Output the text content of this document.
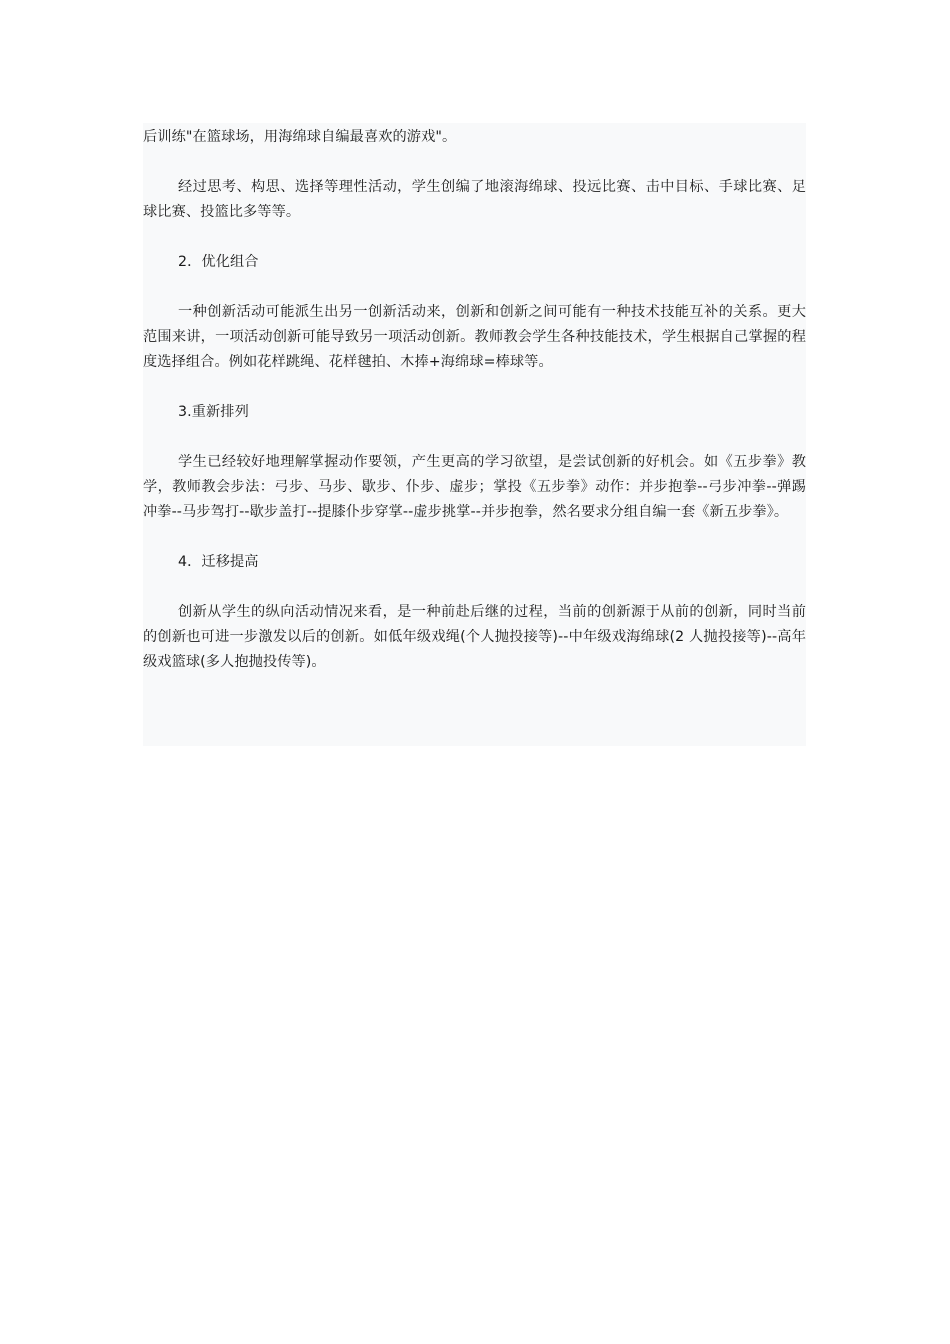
后训练"在篮球场，用海绵球自编最喜欢的游戏"。

经过思考、构思、选择等理性活动，学生创编了地滚海绵球、投远比赛、击中目标、手球比赛、足球比赛、投篮比多等等。

2．优化组合

一种创新活动可能派生出另一创新活动来，创新和创新之间可能有一种技术技能互补的关系。更大范围来讲，一项活动创新可能导致另一项活动创新。教师教会学生各种技能技术，学生根据自己掌握的程度选择组合。例如花样跳绳、花样毽拍、木捧+海绵球=棒球等。

3.重新排列

学生已经较好地理解掌握动作要领，产生更高的学习欲望，是尝试创新的好机会。如《五步拳》教学，教师教会步法：弓步、马步、歇步、仆步、虚步；掌投《五步拳》动作：并步抱拳--弓步冲拳--弹踢冲拳--马步驾打--歇步盖打--提膝仆步穿掌--虚步挑掌--并步抱拳，然名要求分组自编一套《新五步拳》。

4．迁移提高

创新从学生的纵向活动情况来看，是一种前赴后继的过程，当前的创新源于从前的创新，同时当前的创新也可进一步激发以后的创新。如低年级戏绳(个人抛投接等)--中年级戏海绵球(2 人抛投接等)--高年级戏篮球(多人抱抛投传等)。
